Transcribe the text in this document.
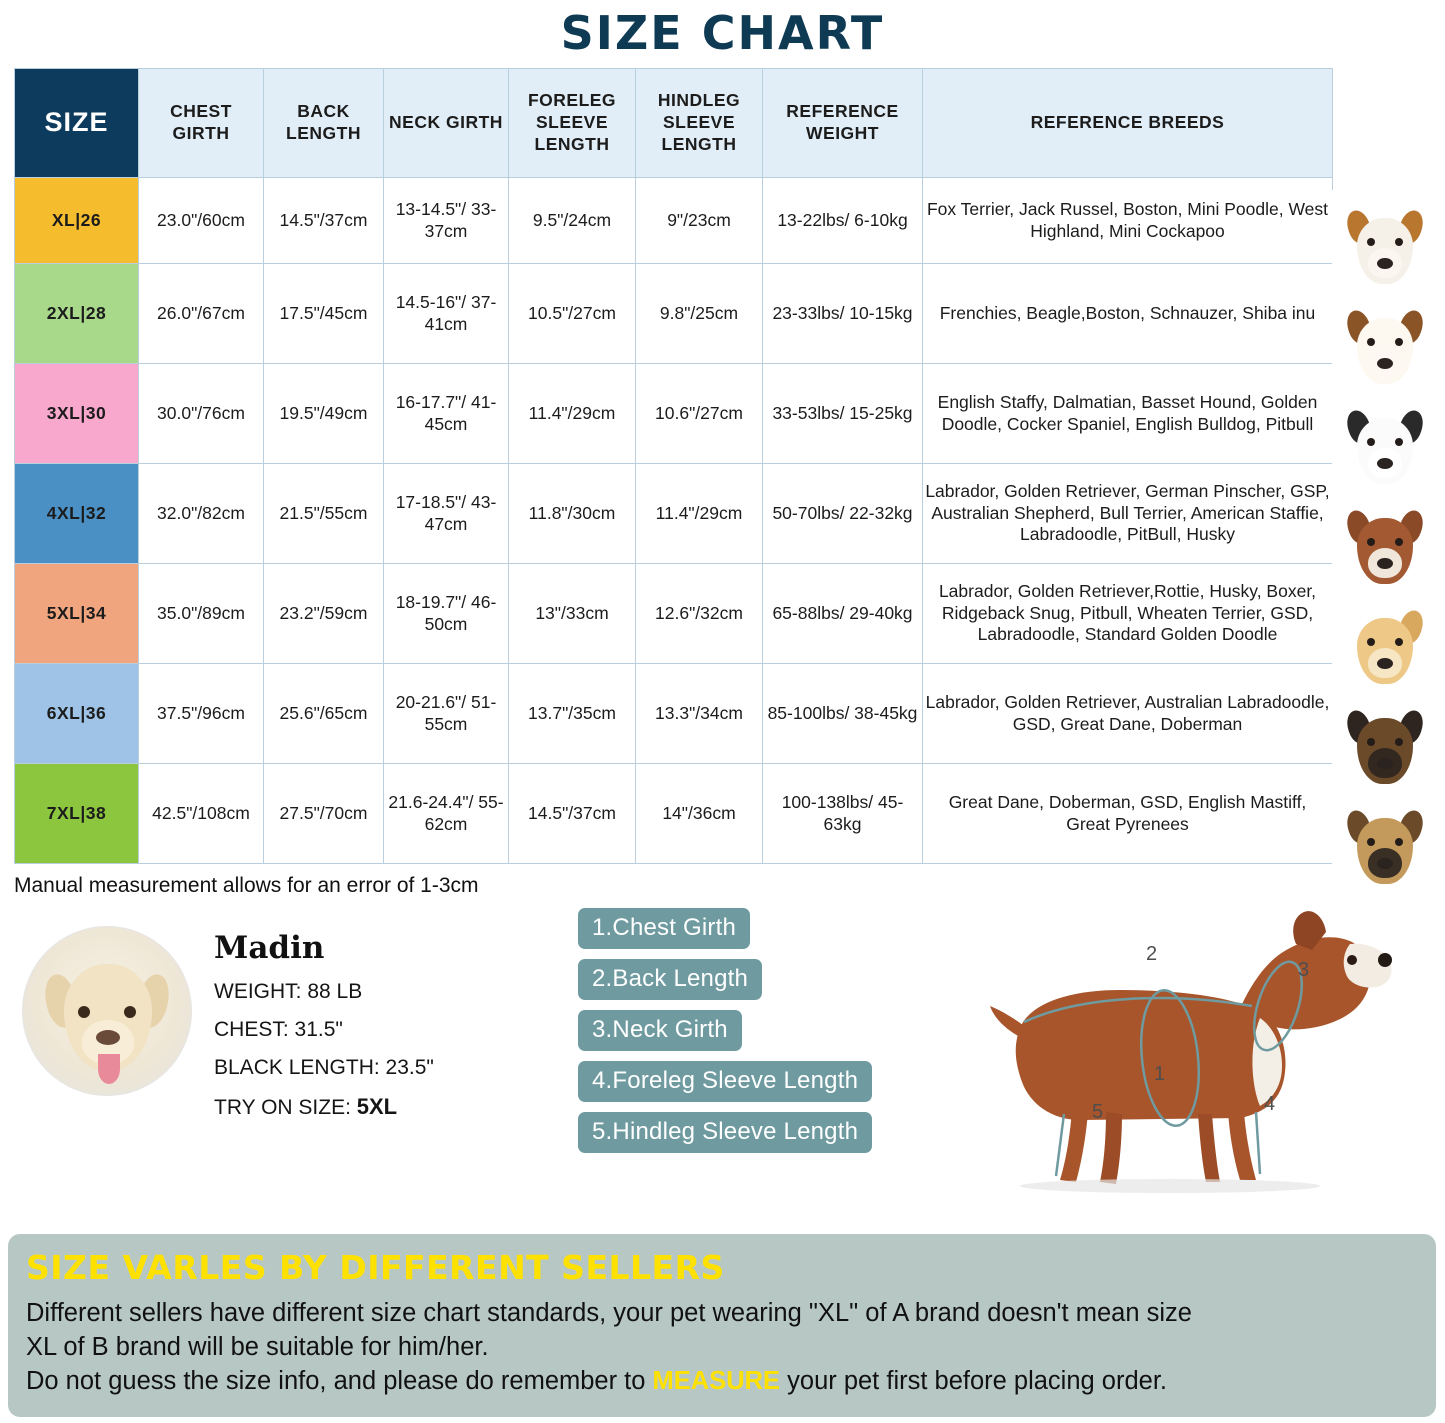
SIZE CHART
SIZE	CHEST GIRTH	BACK LENGTH	NECK GIRTH	FORELEG SLEEVE LENGTH	HINDLEG SLEEVE LENGTH	REFERENCE WEIGHT	REFERENCE BREEDS
XL|26	23.0"/60cm	14.5"/37cm	13-14.5"/ 33-37cm	9.5"/24cm	9"/23cm	13-22lbs/ 6-10kg	Fox Terrier, Jack Russel, Boston, Mini Poodle, West Highland, Mini Cockapoo
2XL|28	26.0"/67cm	17.5"/45cm	14.5-16"/ 37-41cm	10.5"/27cm	9.8"/25cm	23-33lbs/ 10-15kg	Frenchies, Beagle,Boston, Schnauzer, Shiba inu
3XL|30	30.0"/76cm	19.5"/49cm	16-17.7"/ 41-45cm	11.4"/29cm	10.6"/27cm	33-53lbs/ 15-25kg	English Staffy, Dalmatian, Basset Hound, Golden Doodle, Cocker Spaniel, English Bulldog, Pitbull
4XL|32	32.0"/82cm	21.5"/55cm	17-18.5"/ 43-47cm	11.8"/30cm	11.4"/29cm	50-70lbs/ 22-32kg	Labrador, Golden Retriever, German Pinscher, GSP, Australian Shepherd, Bull Terrier, American Staffie, Labradoodle, PitBull, Husky
5XL|34	35.0"/89cm	23.2"/59cm	18-19.7"/ 46-50cm	13"/33cm	12.6"/32cm	65-88lbs/ 29-40kg	Labrador, Golden Retriever,Rottie, Husky, Boxer, Ridgeback Snug, Pitbull, Wheaten Terrier, GSD, Labradoodle, Standard Golden Doodle
6XL|36	37.5"/96cm	25.6"/65cm	20-21.6"/ 51-55cm	13.7"/35cm	13.3"/34cm	85-100lbs/ 38-45kg	Labrador, Golden Retriever, Australian Labradoodle, GSD, Great Dane, Doberman
7XL|38	42.5"/108cm	27.5"/70cm	21.6-24.4"/ 55-62cm	14.5"/37cm	14"/36cm	100-138lbs/ 45-63kg	Great Dane, Doberman, GSD, English Mastiff, Great Pyrenees
Manual measurement allows for an error of 1-3cm
Madin
WEIGHT: 88 LB
CHEST: 31.5"
BLACK LENGTH: 23.5"
TRY ON SIZE: 5XL
1.Chest Girth
2.Back Length
3.Neck Girth
4.Foreleg Sleeve Length
5.Hindleg Sleeve Length
1
2
3
4
5
SIZE VARLES BY DIFFERENT SELLERS
Different sellers have different size chart standards, your pet wearing "XL" of A brand doesn't mean size
XL of B brand will be suitable for him/her.
Do not guess the size info, and please do remember to MEASURE your pet first before placing order.
